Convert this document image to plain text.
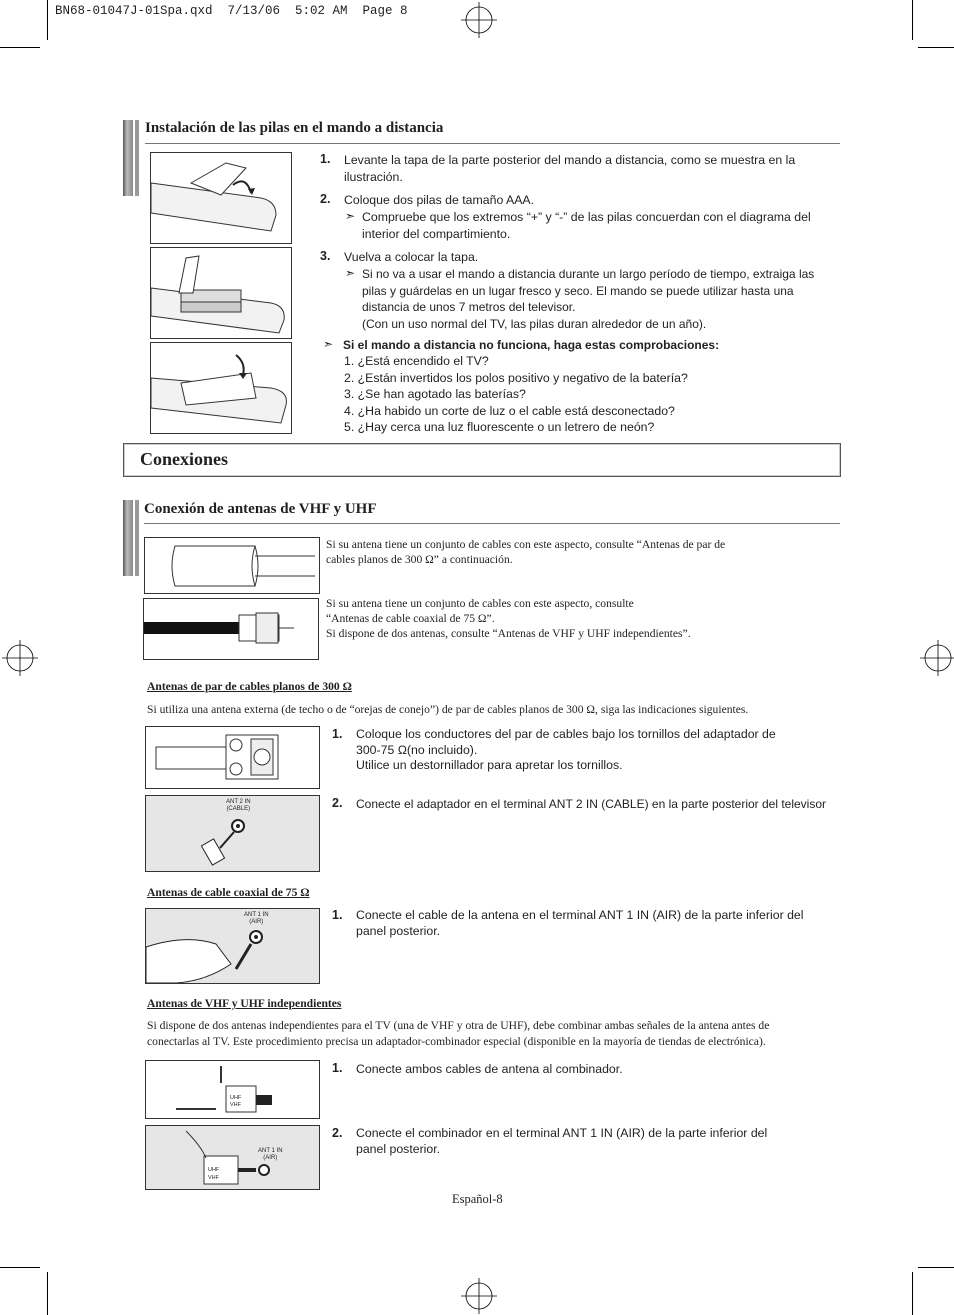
BN68-01047J-01Spa.qxd  7/13/06  5:02 AM  Page 8
Instalación de las pilas en el mando a distancia
1. Levante la tapa de la parte posterior del mando a distancia, como se muestra en la
ilustración.
2. Coloque dos pilas de tamaño AAA.
➣ Compruebe que los extremos “+” y “-” de las pilas concuerdan con el diagrama del
interior del compartimiento.
3. Vuelva a colocar la tapa.
➣ Si no va a usar el mando a distancia durante un largo período de tiempo, extraiga las
pilas y guárdelas en un lugar fresco y seco. El mando se puede utilizar hasta una
distancia de unos 7 metros del televisor.
(Con un uso normal del TV, las pilas duran alrededor de un año).
➣ Si el mando a distancia no funciona, haga estas comprobaciones:
1. ¿Está encendido el TV?
2. ¿Están invertidos los polos positivo y negativo de la batería?
3. ¿Se han agotado las baterías?
4. ¿Ha habido un corte de luz o el cable está desconectado?
5. ¿Hay cerca una luz fluorescente o un letrero de neón?
Conexiones
Conexión de antenas de VHF y UHF
Si su antena tiene un conjunto de cables con este aspecto, consulte “Antenas de par de
cables planos de 300 Ω” a continuación.
Si su antena tiene un conjunto de cables con este aspecto, consulte
“Antenas de cable coaxial de 75 Ω”.
Si dispone de dos antenas, consulte “Antenas de VHF y UHF independientes”.
Antenas de par de cables planos de 300 Ω
Si utiliza una antena externa (de techo o de “orejas de conejo”) de par de cables planos de 300 Ω, siga las indicaciones siguientes.
1. Coloque los conductores del par de cables bajo los tornillos del adaptador de
300-75 Ω(no incluido).
Utilice un destornillador para apretar los tornillos.
ANT 2 IN
(CABLE)	2. Conecte el adaptador en el terminal ANT 2 IN (CABLE) en la parte posterior del televisor
Antenas de cable coaxial de 75 Ω
ANT 1 IN
(AIR)	1. Conecte el cable de la antena en el terminal ANT 1 IN (AIR) de la parte inferior del
panel posterior.
Antenas de VHF y UHF independientes
Si dispone de dos antenas independientes para el TV (una de VHF y otra de UHF), debe combinar ambas señales de la antena antes de
conectarlas al TV. Este procedimiento precisa un adaptador-combinador especial (disponible en la mayoría de tiendas de electrónica).
UHF
VHF
1. Conecte ambos cables de antena al combinador.
UHF
VHF
ANT 1 IN
(AIR)
2. Conecte el combinador en el terminal ANT 1 IN (AIR) de la parte inferior del
panel posterior.
Español-8
